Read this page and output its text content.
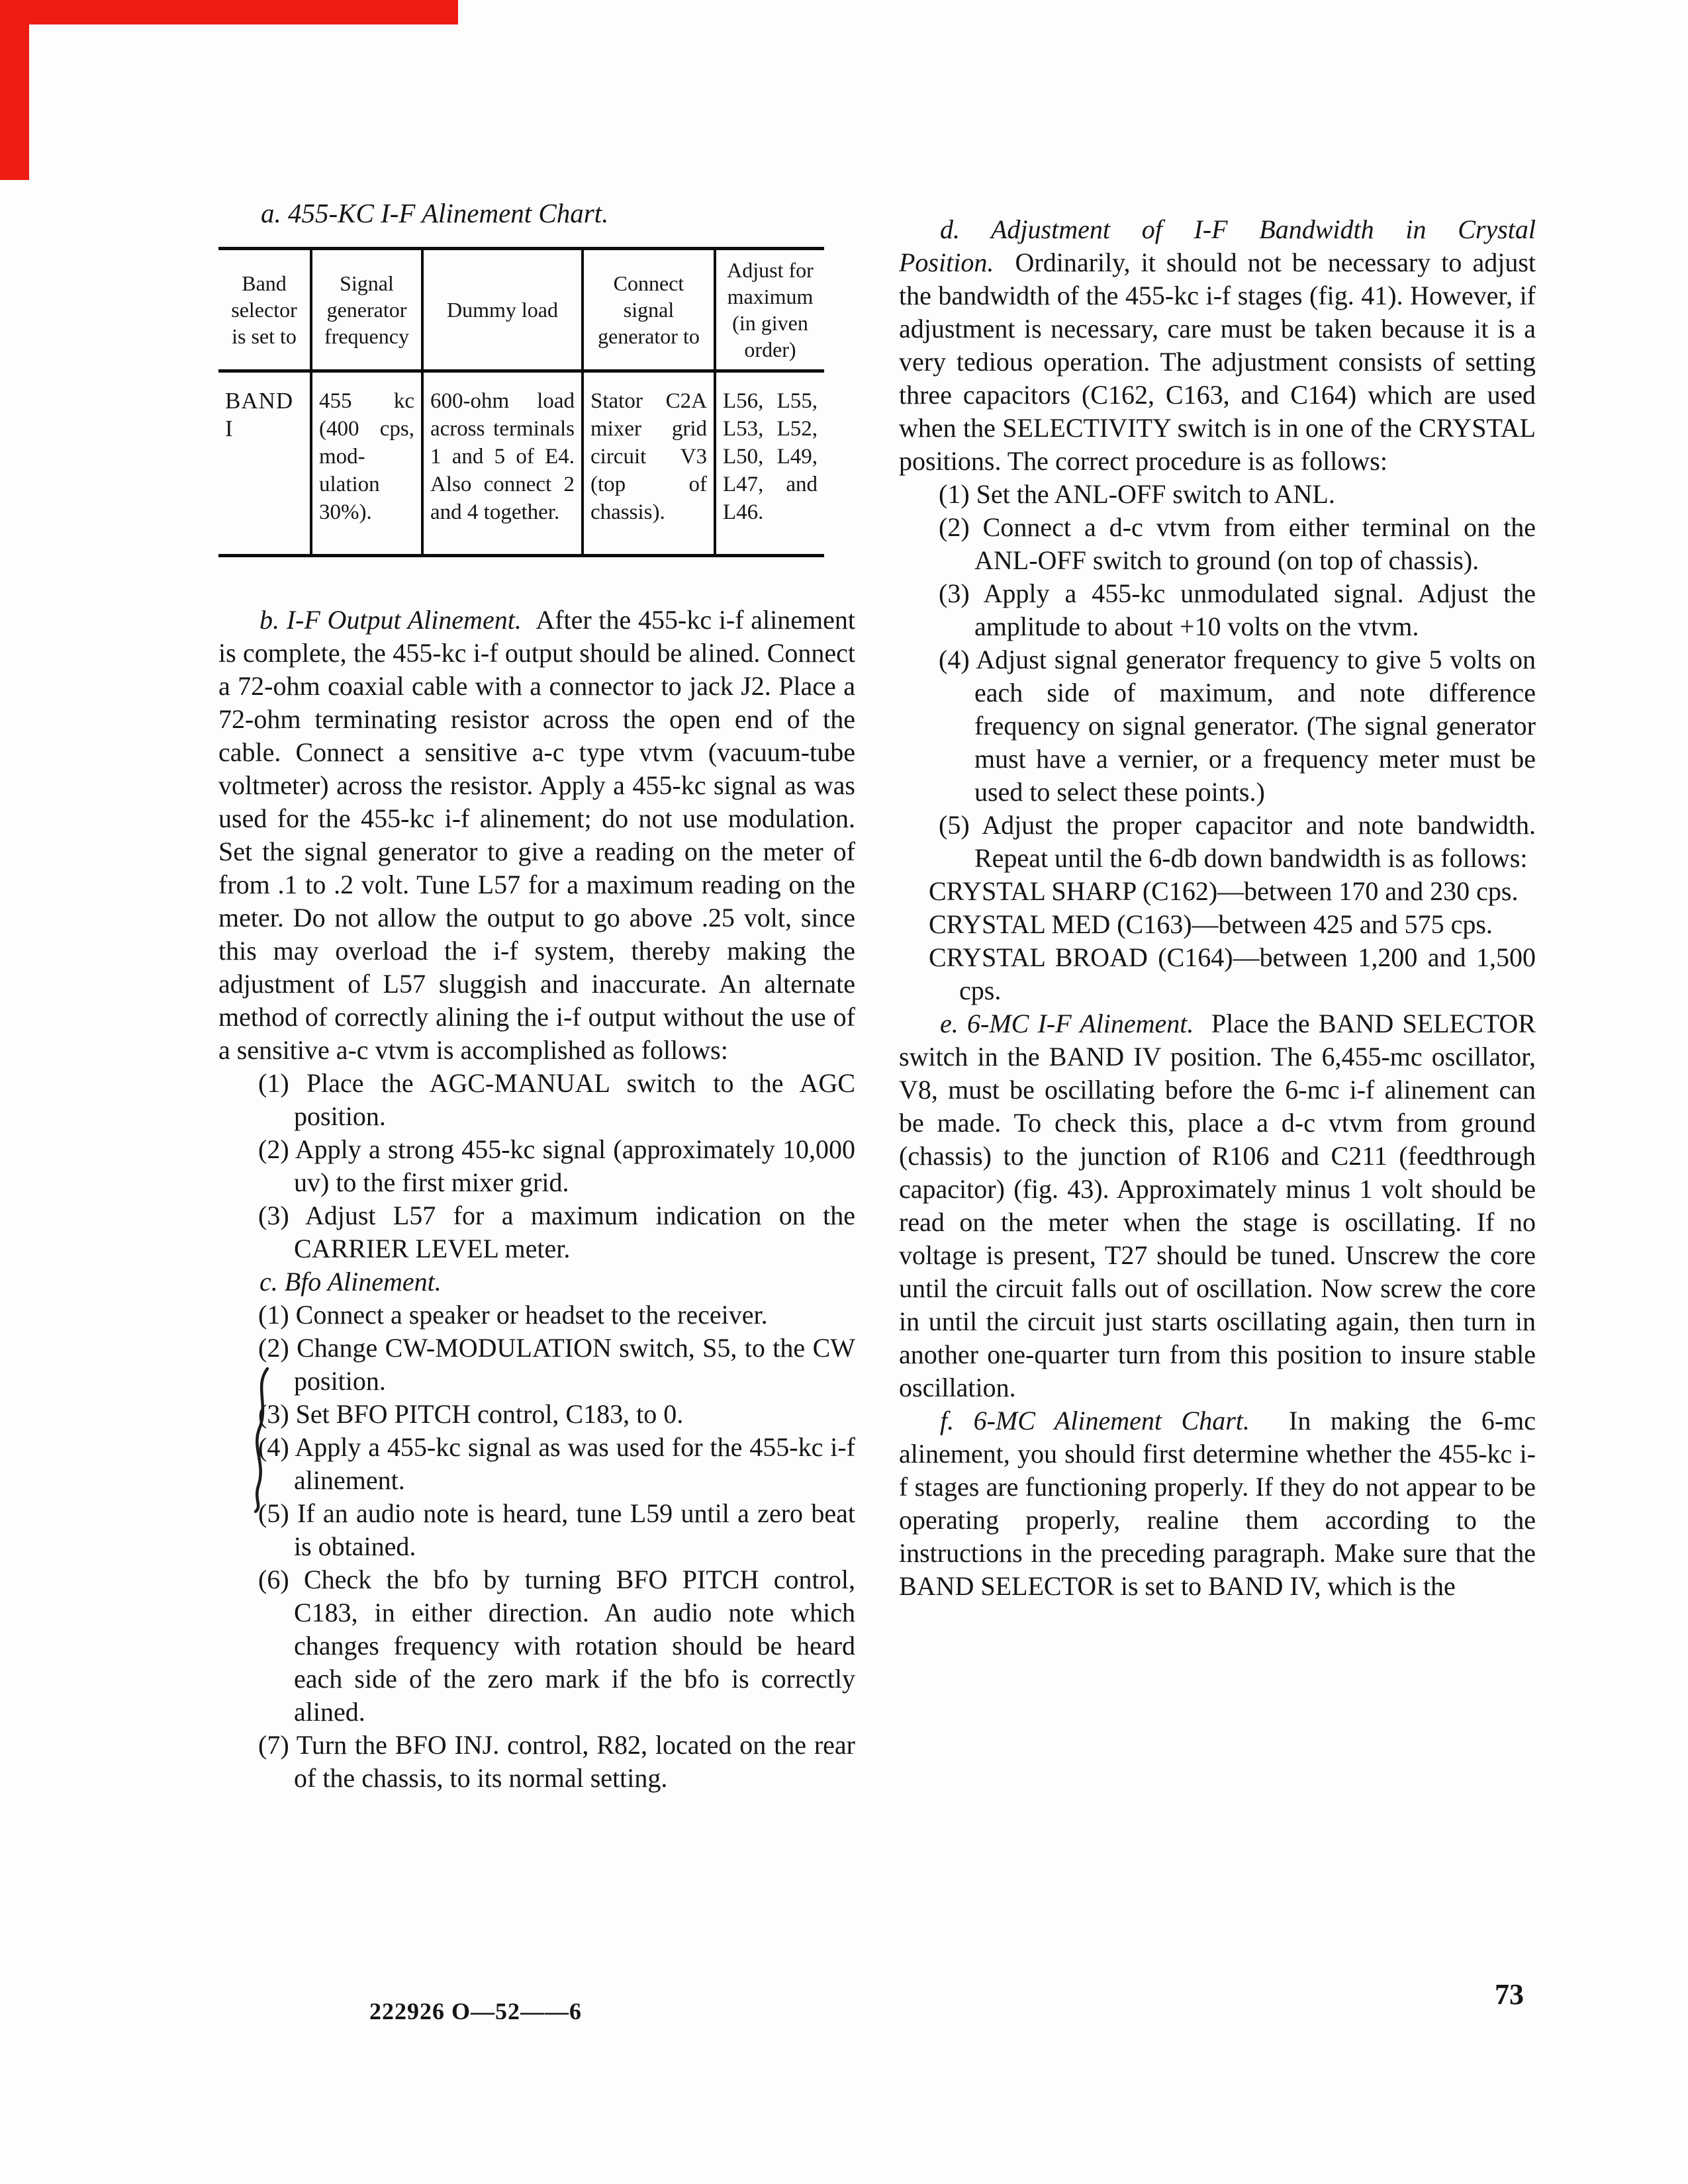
a. 455-KC I-F Alinement Chart.

Band selector is set to	Signal generator frequency	Dummy load	Connect signal generator to	Adjust for maximum (in given order)
BAND I	455 kc (400 cps, modulation 30%).	600-ohm load across terminals 1 and 5 of E4. Also connect 2 and 4 together.	Stator C2A mixer grid circuit V3 (top of chassis).	L56, L55, L53, L52, L50, L49, L47, and L46.

b. I-F Output Alinement. After the 455-kc i-f alinement is complete, the 455-kc i-f output should be alined. Connect a 72-ohm coaxial cable with a connector to jack J2. Place a 72-ohm terminating resistor across the open end of the cable. Connect a sensitive a-c type vtvm (vacuum-tube voltmeter) across the resistor. Apply a 455-kc signal as was used for the 455-kc i-f alinement; do not use modulation. Set the signal generator to give a reading on the meter of from .1 to .2 volt. Tune L57 for a maximum reading on the meter. Do not allow the output to go above .25 volt, since this may overload the i-f system, thereby making the adjustment of L57 sluggish and inaccurate. An alternate method of correctly alining the i-f output without the use of a sensitive a-c vtvm is accomplished as follows:

(1) Place the AGC-MANUAL switch to the AGC position.
(2) Apply a strong 455-kc signal (approximately 10,000 uv) to the first mixer grid.
(3) Adjust L57 for a maximum indication on the CARRIER LEVEL meter.

c. Bfo Alinement.

(1) Connect a speaker or headset to the receiver.
(2) Change CW-MODULATION switch, S5, to the CW position.
(3) Set BFO PITCH control, C183, to 0.
(4) Apply a 455-kc signal as was used for the 455-kc i-f alinement.
(5) If an audio note is heard, tune L59 until a zero beat is obtained.
(6) Check the bfo by turning BFO PITCH control, C183, in either direction. An audio note which changes frequency with rotation should be heard each side of the zero mark if the bfo is correctly alined.
(7) Turn the BFO INJ. control, R82, located on the rear of the chassis, to its normal setting.

d. Adjustment of I-F Bandwidth in Crystal Position. Ordinarily, it should not be necessary to adjust the bandwidth of the 455-kc i-f stages (fig. 41). However, if adjustment is necessary, care must be taken because it is a very tedious operation. The adjustment consists of setting three capacitors (C162, C163, and C164) which are used when the SELECTIVITY switch is in one of the CRYSTAL positions. The correct procedure is as follows:

(1) Set the ANL-OFF switch to ANL.
(2) Connect a d-c vtvm from either terminal on the ANL-OFF switch to ground (on top of chassis).
(3) Apply a 455-kc unmodulated signal. Adjust the amplitude to about +10 volts on the vtvm.
(4) Adjust signal generator frequency to give 5 volts on each side of maximum, and note difference frequency on signal generator. (The signal generator must have a vernier, or a frequency meter must be used to select these points.)
(5) Adjust the proper capacitor and note bandwidth. Repeat until the 6-db down bandwidth is as follows:
CRYSTAL SHARP (C162)—between 170 and 230 cps.
CRYSTAL MED (C163)—between 425 and 575 cps.
CRYSTAL BROAD (C164)—between 1,200 and 1,500 cps.

e. 6-MC I-F Alinement. Place the BAND SELECTOR switch in the BAND IV position. The 6,455-mc oscillator, V8, must be oscillating before the 6-mc i-f alinement can be made. To check this, place a d-c vtvm from ground (chassis) to the junction of R106 and C211 (feedthrough capacitor) (fig. 43). Approximately minus 1 volt should be read on the meter when the stage is oscillating. If no voltage is present, T27 should be tuned. Unscrew the core until the circuit falls out of oscillation. Now screw the core in until the circuit just starts oscillating again, then turn in another one-quarter turn from this position to insure stable oscillation.

f. 6-MC Alinement Chart. In making the 6-mc alinement, you should first determine whether the 455-kc i-f stages are functioning properly. If they do not appear to be operating properly, realine them according to the instructions in the preceding paragraph. Make sure that the BAND SELECTOR is set to BAND IV, which is the

222926 O—52——6
73
